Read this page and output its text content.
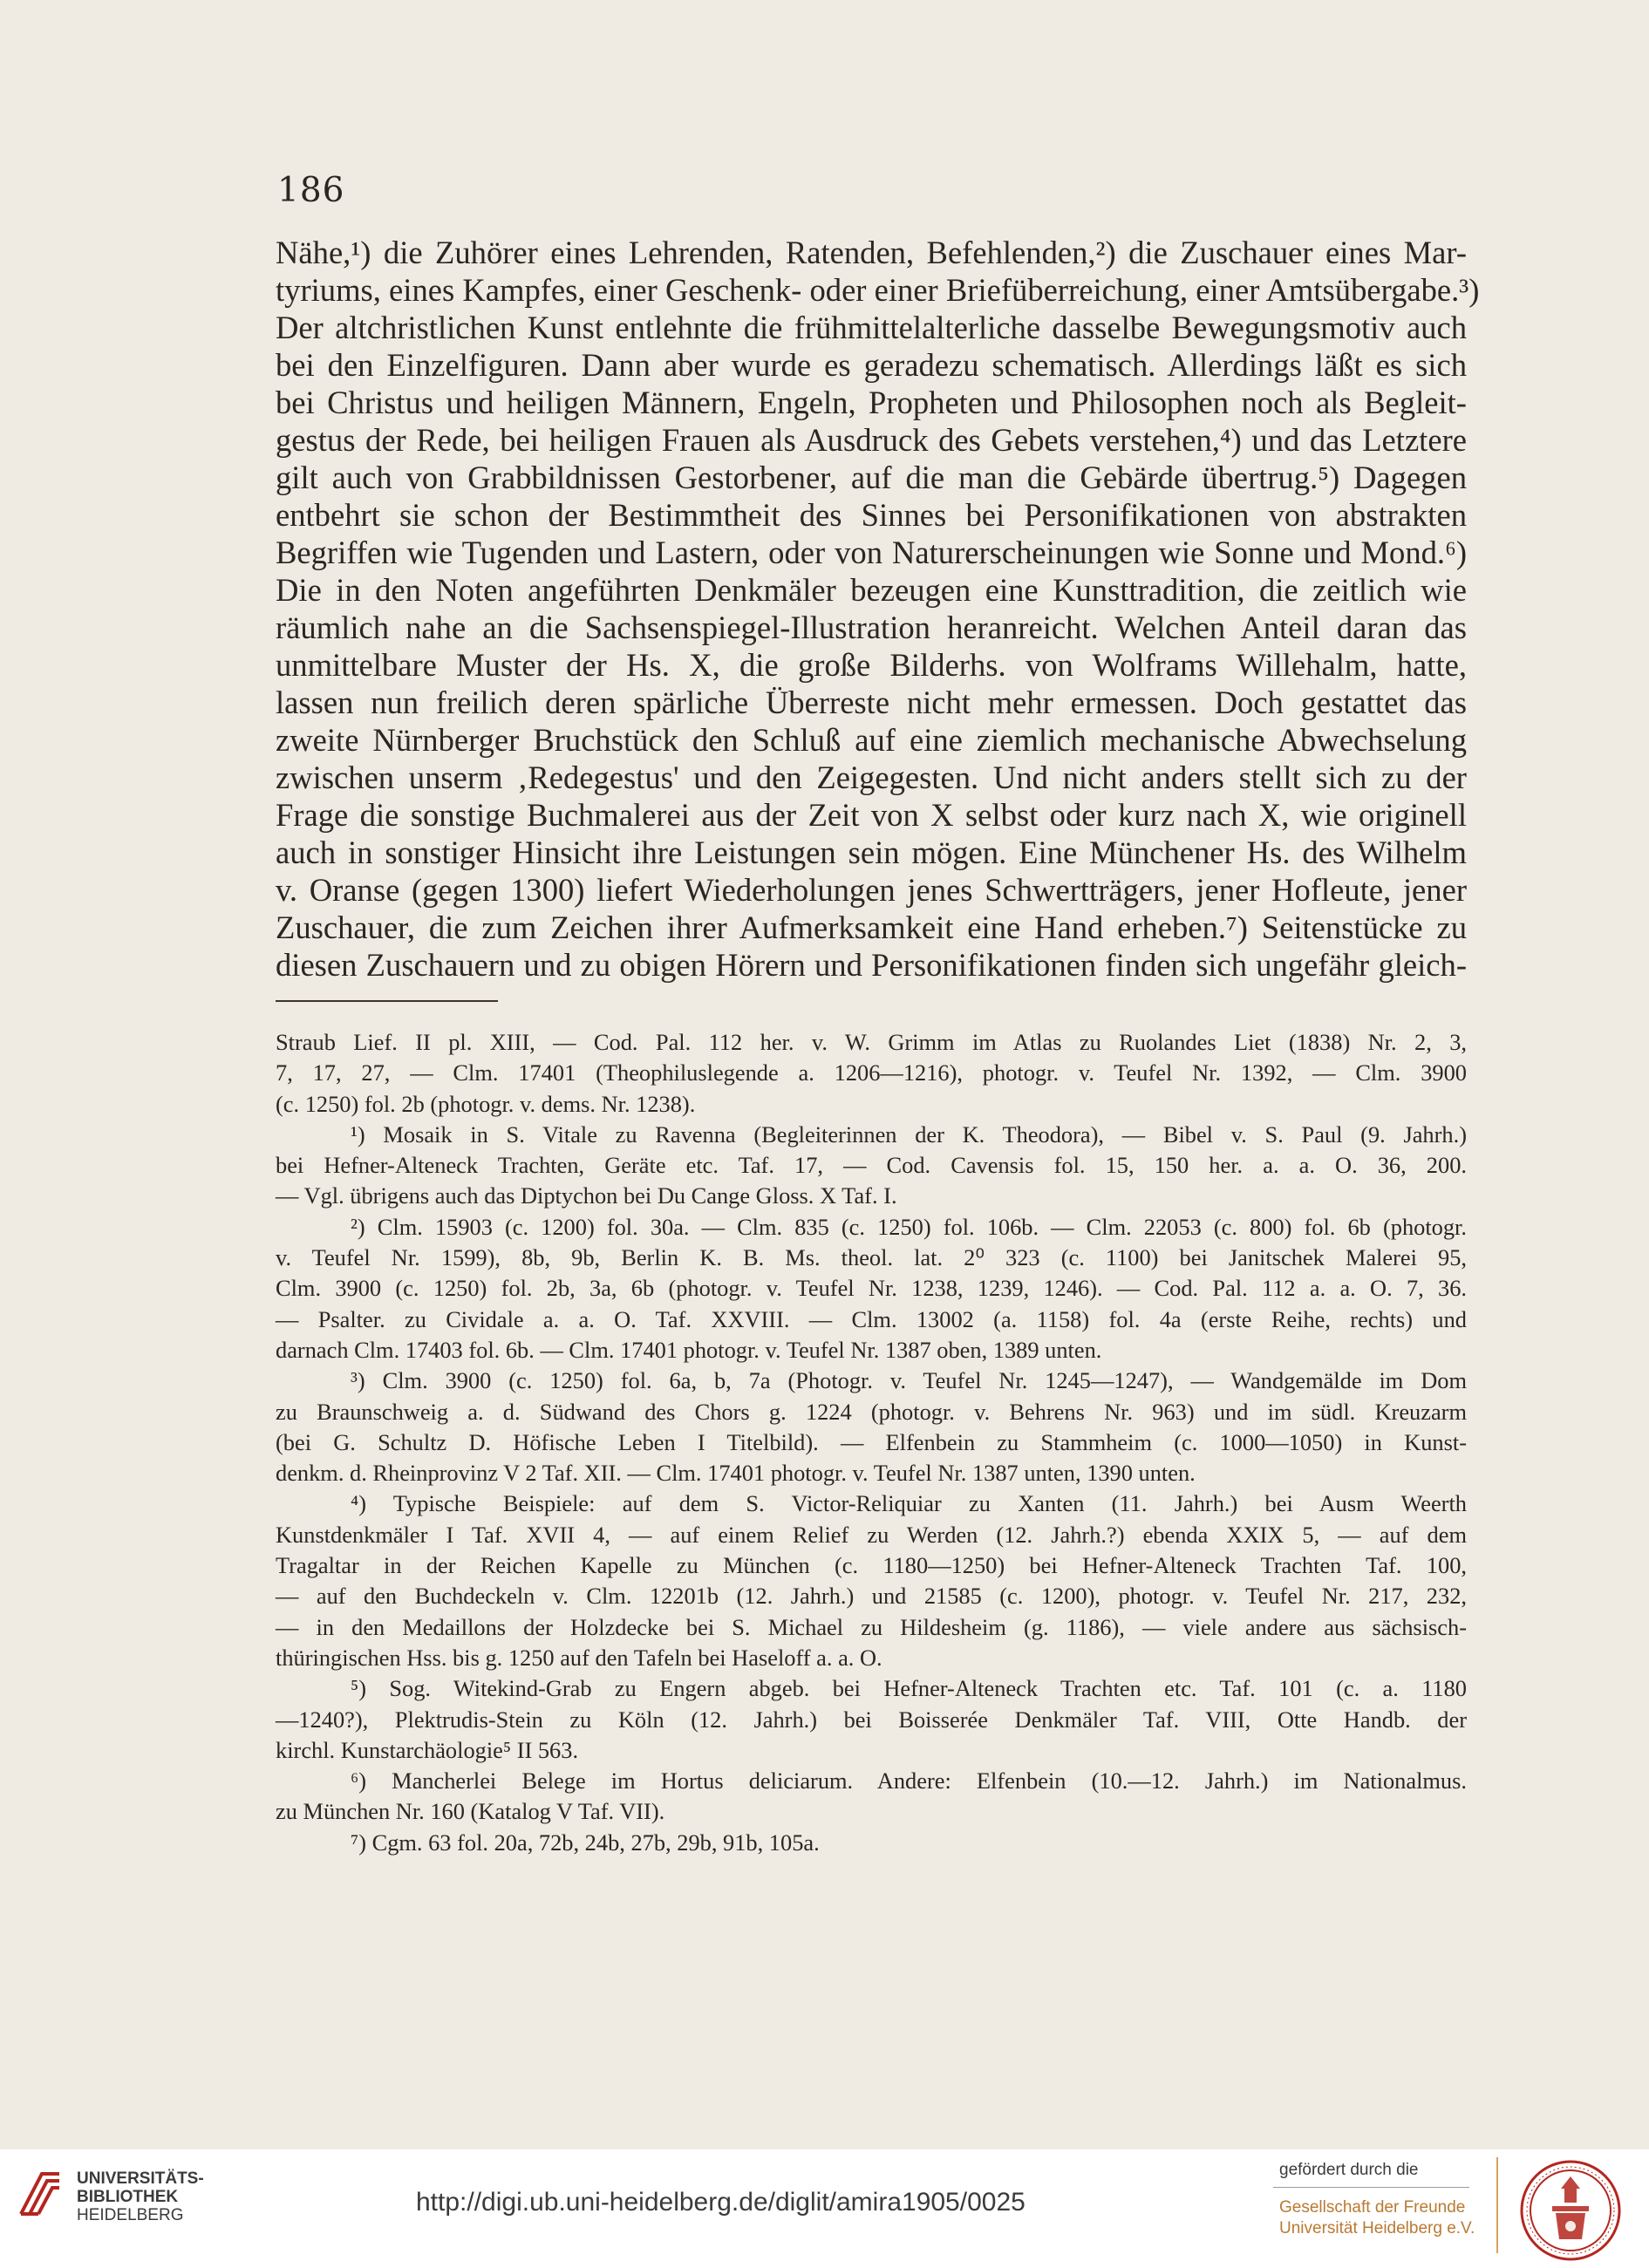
186
Nähe,¹) die Zuhörer eines Lehrenden, Ratenden, Befehlenden,²) die Zuschauer eines Mar-
tyriums, eines Kampfes, einer Geschenk- oder einer Briefüberreichung, einer Amtsübergabe.³)
Der altchristlichen Kunst entlehnte die frühmittelalterliche dasselbe Bewegungsmotiv auch
bei den Einzelfiguren. Dann aber wurde es geradezu schematisch. Allerdings läßt es sich
bei Christus und heiligen Männern, Engeln, Propheten und Philosophen noch als Begleit-
gestus der Rede, bei heiligen Frauen als Ausdruck des Gebets verstehen,⁴) und das Letztere
gilt auch von Grabbildnissen Gestorbener, auf die man die Gebärde übertrug.⁵) Dagegen
entbehrt sie schon der Bestimmtheit des Sinnes bei Personifikationen von abstrakten
Begriffen wie Tugenden und Lastern, oder von Naturerscheinungen wie Sonne und Mond.⁶)
Die in den Noten angeführten Denkmäler bezeugen eine Kunsttradition, die zeitlich wie
räumlich nahe an die Sachsenspiegel-Illustration heranreicht. Welchen Anteil daran das
unmittelbare Muster der Hs. X, die große Bilderhs. von Wolframs Willehalm, hatte,
lassen nun freilich deren spärliche Überreste nicht mehr ermessen. Doch gestattet das
zweite Nürnberger Bruchstück den Schluß auf eine ziemlich mechanische Abwechselung
zwischen unserm ‚Redegestus' und den Zeigegesten. Und nicht anders stellt sich zu der
Frage die sonstige Buchmalerei aus der Zeit von X selbst oder kurz nach X, wie originell
auch in sonstiger Hinsicht ihre Leistungen sein mögen. Eine Münchener Hs. des Wilhelm
v. Oranse (gegen 1300) liefert Wiederholungen jenes Schwertträgers, jener Hofleute, jener
Zuschauer, die zum Zeichen ihrer Aufmerksamkeit eine Hand erheben.⁷) Seitenstücke zu
diesen Zuschauern und zu obigen Hörern und Personifikationen finden sich ungefähr gleich-
Straub Lief. II pl. XIII, — Cod. Pal. 112 her. v. W. Grimm im Atlas zu Ruolandes Liet (1838) Nr. 2, 3,
7, 17, 27, — Clm. 17401 (Theophiluslegende a. 1206—1216), photogr. v. Teufel Nr. 1392, — Clm. 3900
(c. 1250) fol. 2b (photogr. v. dems. Nr. 1238).
¹) Mosaik in S. Vitale zu Ravenna (Begleiterinnen der K. Theodora), — Bibel v. S. Paul (9. Jahrh.)
bei Hefner-Alteneck Trachten, Geräte etc. Taf. 17, — Cod. Cavensis fol. 15, 150 her. a. a. O. 36, 200.
— Vgl. übrigens auch das Diptychon bei Du Cange Gloss. X Taf. I.
²) Clm. 15903 (c. 1200) fol. 30a. — Clm. 835 (c. 1250) fol. 106b. — Clm. 22053 (c. 800) fol. 6b (photogr.
v. Teufel Nr. 1599), 8b, 9b, Berlin K. B. Ms. theol. lat. 2⁰ 323 (c. 1100) bei Janitschek Malerei 95,
Clm. 3900 (c. 1250) fol. 2b, 3a, 6b (photogr. v. Teufel Nr. 1238, 1239, 1246). — Cod. Pal. 112 a. a. O. 7, 36.
— Psalter. zu Cividale a. a. O. Taf. XXVIII. — Clm. 13002 (a. 1158) fol. 4a (erste Reihe, rechts) und
darnach Clm. 17403 fol. 6b. — Clm. 17401 photogr. v. Teufel Nr. 1387 oben, 1389 unten.
³) Clm. 3900 (c. 1250) fol. 6a, b, 7a (Photogr. v. Teufel Nr. 1245—1247), — Wandgemälde im Dom
zu Braunschweig a. d. Südwand des Chors g. 1224 (photogr. v. Behrens Nr. 963) und im südl. Kreuzarm
(bei G. Schultz D. Höfische Leben I Titelbild). — Elfenbein zu Stammheim (c. 1000—1050) in Kunst-
denkm. d. Rheinprovinz V 2 Taf. XII. — Clm. 17401 photogr. v. Teufel Nr. 1387 unten, 1390 unten.
⁴) Typische Beispiele: auf dem S. Victor-Reliquiar zu Xanten (11. Jahrh.) bei Ausm Weerth
Kunstdenkmäler I Taf. XVII 4, — auf einem Relief zu Werden (12. Jahrh.?) ebenda XXIX 5, — auf dem
Tragaltar in der Reichen Kapelle zu München (c. 1180—1250) bei Hefner-Alteneck Trachten Taf. 100,
— auf den Buchdeckeln v. Clm. 12201b (12. Jahrh.) und 21585 (c. 1200), photogr. v. Teufel Nr. 217, 232,
— in den Medaillons der Holzdecke bei S. Michael zu Hildesheim (g. 1186), — viele andere aus sächsisch-
thüringischen Hss. bis g. 1250 auf den Tafeln bei Haseloff a. a. O.
⁵) Sog. Witekind-Grab zu Engern abgeb. bei Hefner-Alteneck Trachten etc. Taf. 101 (c. a. 1180
—1240?), Plektrudis-Stein zu Köln (12. Jahrh.) bei Boisserée Denkmäler Taf. VIII, Otte Handb. der
kirchl. Kunstarchäologie⁵ II 563.
⁶) Mancherlei Belege im Hortus deliciarum. Andere: Elfenbein (10.—12. Jahrh.) im Nationalmus.
zu München Nr. 160 (Katalog V Taf. VII).
⁷) Cgm. 63 fol. 20a, 72b, 24b, 27b, 29b, 91b, 105a.
UNIVERSITÄTS-
BIBLIOTHEK
HEIDELBERG	http://digi.ub.uni-heidelberg.de/diglit/amira1905/0025
gefördert durch die
Gesellschaft der Freunde
Universität Heidelberg e.V.
